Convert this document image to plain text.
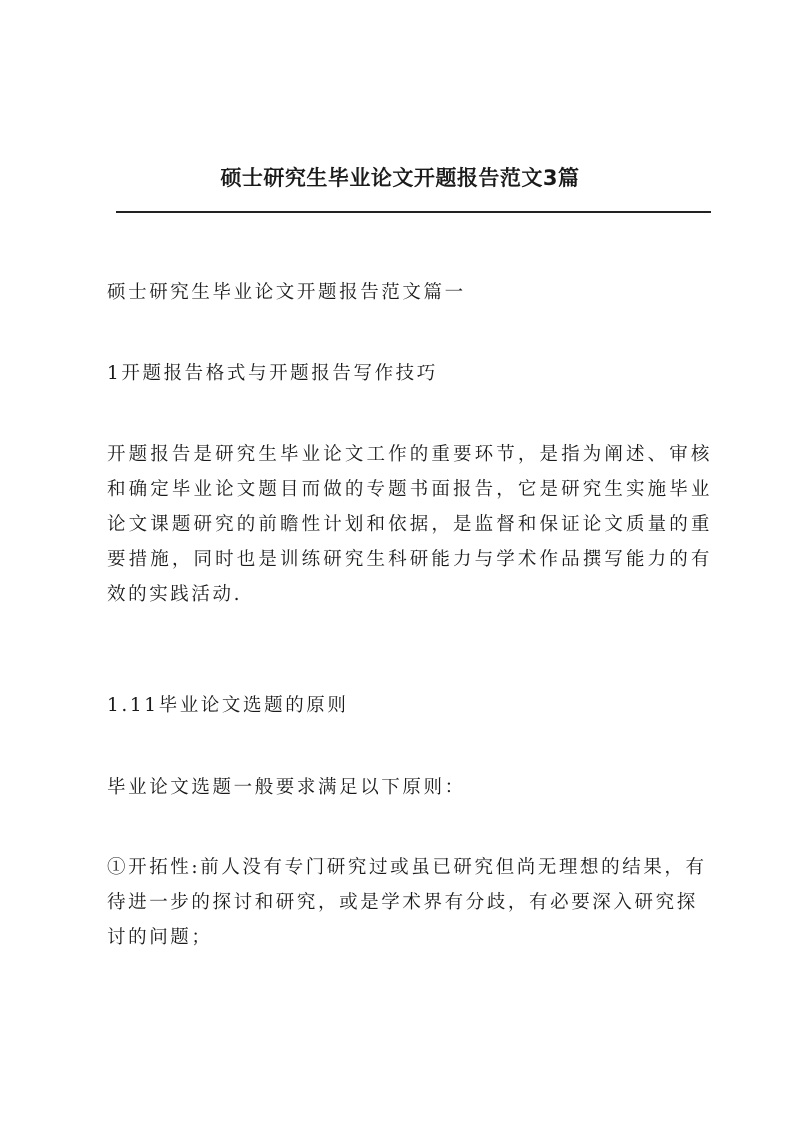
硕士研究生毕业论文开题报告范文3篇

硕士研究生毕业论文开题报告范文篇一

1开题报告格式与开题报告写作技巧

开题报告是研究生毕业论文工作的重要环节，是指为阐述、审核和确定毕业论文题目而做的专题书面报告，它是研究生实施毕业论文课题研究的前瞻性计划和依据，是监督和保证论文质量的重要措施，同时也是训练研究生科研能力与学术作品撰写能力的有效的实践活动.

1.11毕业论文选题的原则

毕业论文选题一般要求满足以下原则：

①开拓性:前人没有专门研究过或虽已研究但尚无理想的结果，有待进一步的探讨和研究，或是学术界有分歧，有必要深入研究探讨的问题；
